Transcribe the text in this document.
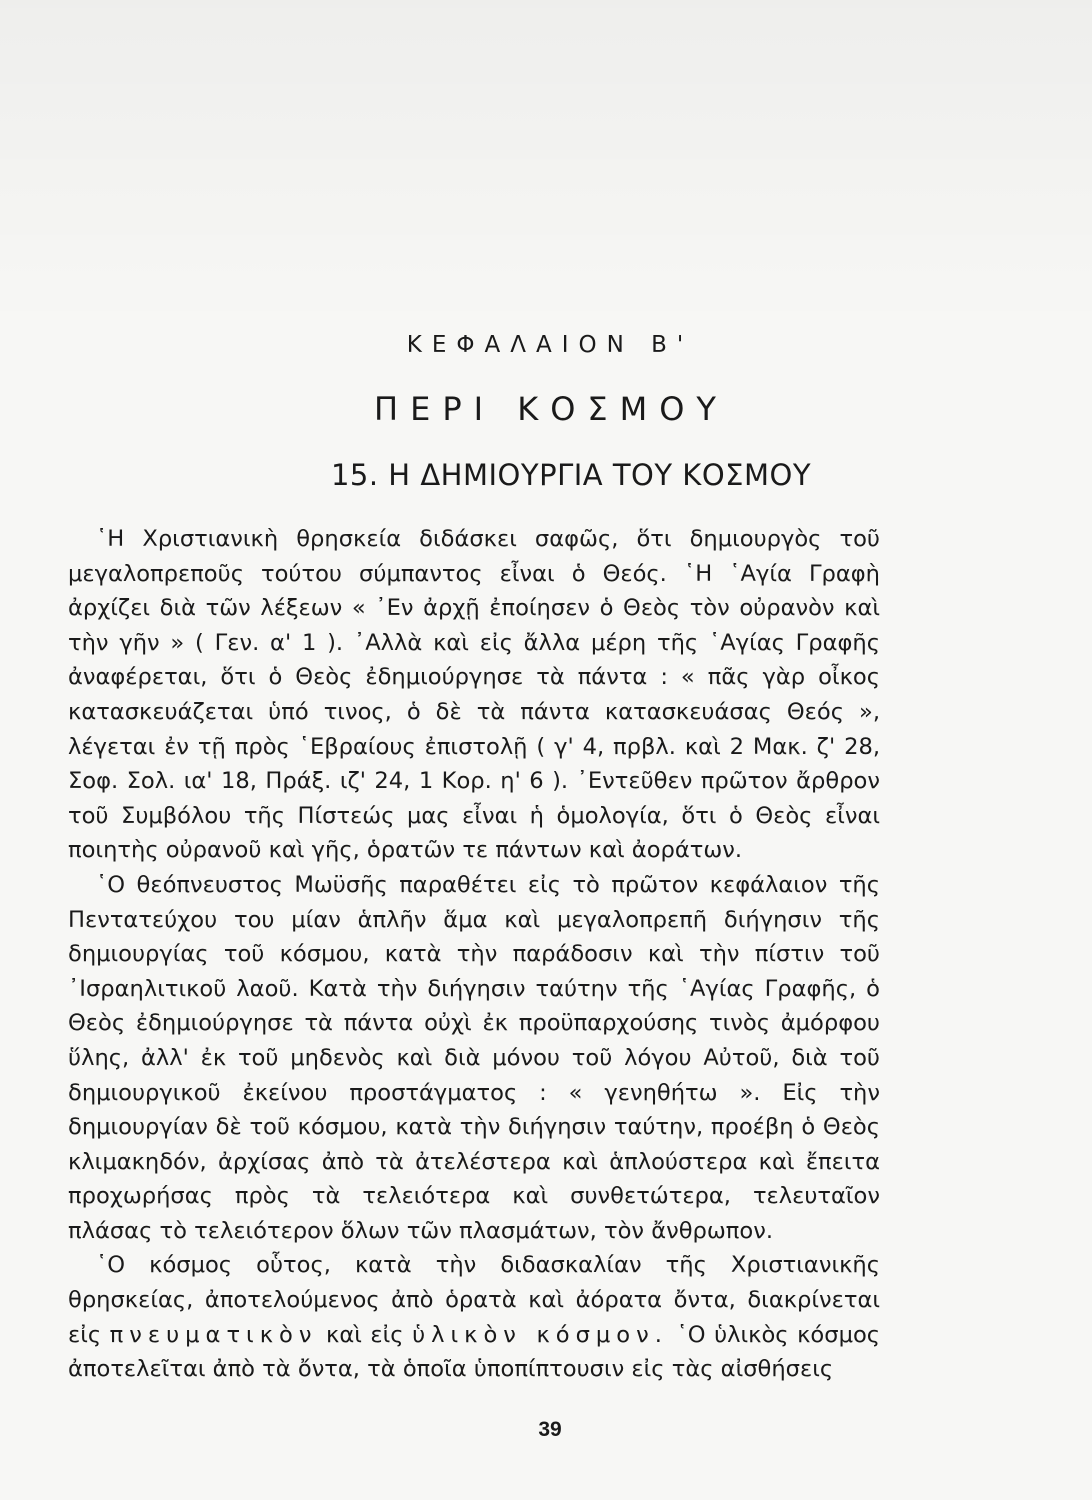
ΚΕΦΑΛΑΙΟΝ Β'
ΠΕΡΙ ΚΟΣΜΟΥ
15. Η ΔΗΜΙΟΥΡΓΙΑ ΤΟΥ ΚΟΣΜΟΥ

῾Η Χριστιανικὴ θρησκεία διδάσκει σαφῶς, ὅτι δημιουργὸς τοῦ μεγαλοπρεποῦς τούτου σύμπαντος εἶναι ὁ Θεός. ῾Η ῾Αγία Γραφὴ ἀρχίζει διὰ τῶν λέξεων « ᾿Εν ἀρχῇ ἐποίησεν ὁ Θεὸς τὸν οὐρανὸν καὶ τὴν γῆν » ( Γεν. α' 1 ). ᾿Αλλὰ καὶ εἰς ἄλλα μέρη τῆς ῾Αγίας Γραφῆς ἀναφέρεται, ὅτι ὁ Θεὸς ἐδημιούργησε τὰ πάντα : « πᾶς γὰρ οἶκος κατασκευάζεται ὑπό τινος, ὁ δὲ τὰ πάντα κατασκευάσας Θεός », λέγεται ἐν τῇ πρὸς ῾Εβραίους ἐπιστολῇ ( γ' 4, πρβλ. καὶ 2 Μακ. ζ' 28, Σοφ. Σολ. ια' 18, Πράξ. ιζ' 24, 1 Κορ. η' 6 ). ᾿Εντεῦθεν πρῶτον ἄρθρον τοῦ Συμβόλου τῆς Πίστεώς μας εἶναι ἡ ὁμολογία, ὅτι ὁ Θεὸς εἶναι ποιητὴς οὐρανοῦ καὶ γῆς, ὁρατῶν τε πάντων καὶ ἀοράτων.

῾Ο θεόπνευστος Μωϋσῆς παραθέτει εἰς τὸ πρῶτον κεφάλαιον τῆς Πεντατεύχου του μίαν ἁπλῆν ἅμα καὶ μεγαλοπρεπῆ διήγησιν τῆς δημιουργίας τοῦ κόσμου, κατὰ τὴν παράδοσιν καὶ τὴν πίστιν τοῦ ᾿Ισραηλιτικοῦ λαοῦ. Κατὰ τὴν διήγησιν ταύτην τῆς ῾Αγίας Γραφῆς, ὁ Θεὸς ἐδημιούργησε τὰ πάντα οὐχὶ ἐκ προϋπαρχούσης τινὸς ἀμόρφου ὕλης, ἀλλ' ἐκ τοῦ μηδενὸς καὶ διὰ μόνου τοῦ λόγου Αὐτοῦ, διὰ τοῦ δημιουργικοῦ ἐκείνου προστάγματος : « γενηθήτω ». Εἰς τὴν δημιουργίαν δὲ τοῦ κόσμου, κατὰ τὴν διήγησιν ταύτην, προέβη ὁ Θεὸς κλιμακηδόν, ἀρχίσας ἀπὸ τὰ ἀτελέστερα καὶ ἁπλούστερα καὶ ἔπειτα προχωρήσας πρὸς τὰ τελειότερα καὶ συνθετώτερα, τελευταῖον πλάσας τὸ τελειότερον ὅλων τῶν πλασμάτων, τὸν ἄνθρωπον.

῾Ο κόσμος οὗτος, κατὰ τὴν διδασκαλίαν τῆς Χριστιανικῆς θρησκείας, ἀποτελούμενος ἀπὸ ὁρατὰ καὶ ἀόρατα ὄντα, διακρίνεται εἰς πνευματικὸν καὶ εἰς ὑλικὸν κόσμον. ῾Ο ὑλικὸς κόσμος ἀποτελεῖται ἀπὸ τὰ ὄντα, τὰ ὁποῖα ὑποπίπτουσιν εἰς τὰς αἰσθήσεις

39
